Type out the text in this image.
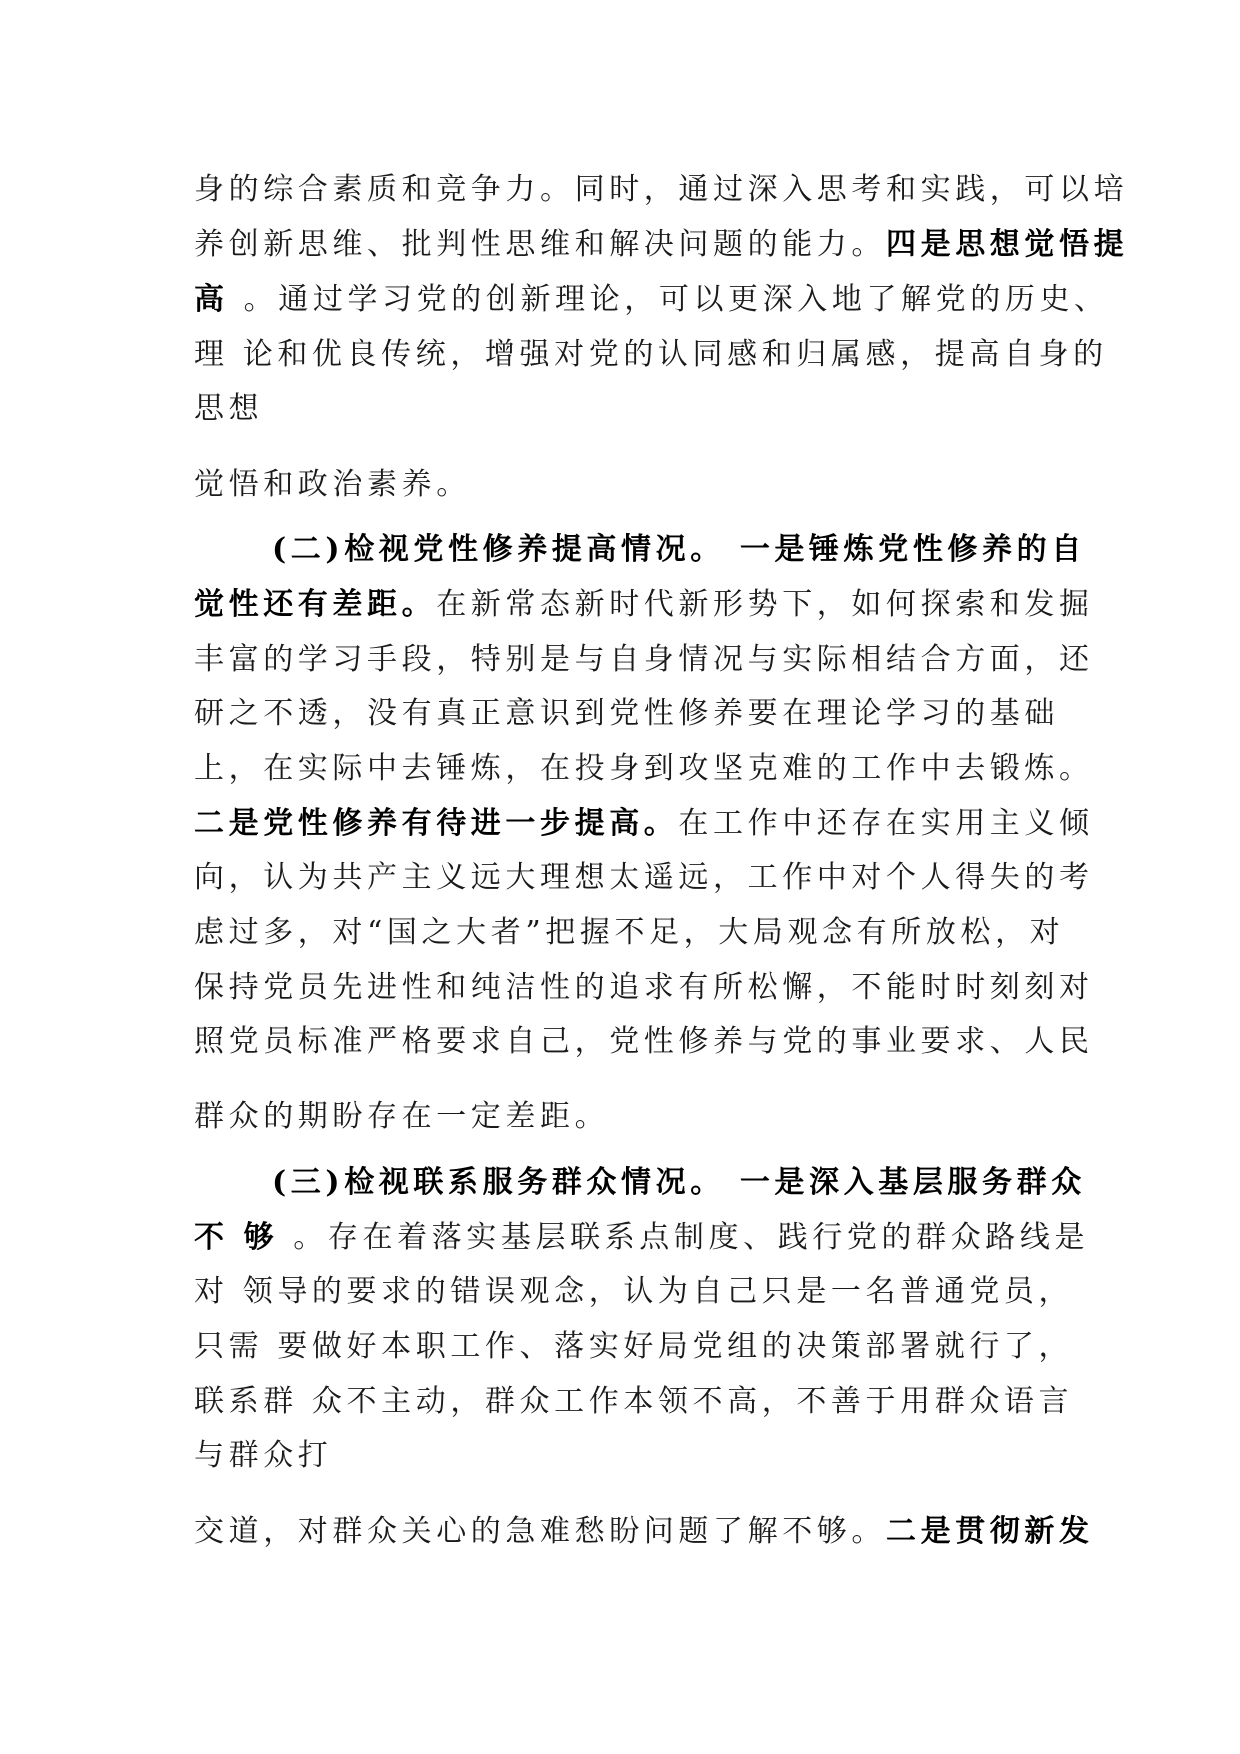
身的综合素质和竞争力。同时，通过深入思考和实践，可以培
养创新思维、批判性思维和解决问题的能力。四是思想觉悟提
高 。通过学习党的创新理论，可以更深入地了解党的历史、
理 论和优良传统，增强对党的认同感和归属感，提高自身的
思想
觉悟和政治素养。
(二)检视党性修养提高情况。 一是锤炼党性修养的自
觉性还有差距。在新常态新时代新形势下，如何探索和发掘
丰富的学习手段，特别是与自身情况与实际相结合方面，还
研之不透，没有真正意识到党性修养要在理论学习的基础
上，在实际中去锤炼，在投身到攻坚克难的工作中去锻炼。
二是党性修养有待进一步提高。在工作中还存在实用主义倾
向，认为共产主义远大理想太遥远，工作中对个人得失的考
虑过多，对“国之大者”把握不足，大局观念有所放松，对
保持党员先进性和纯洁性的追求有所松懈，不能时时刻刻对
照党员标准严格要求自己，党性修养与党的事业要求、人民
群众的期盼存在一定差距。
(三)检视联系服务群众情况。 一是深入基层服务群众
不 够 。存在着落实基层联系点制度、践行党的群众路线是
对 领导的要求的错误观念，认为自己只是一名普通党员，
只需 要做好本职工作、落实好局党组的决策部署就行了，
联系群 众不主动，群众工作本领不高，不善于用群众语言
与群众打
交道，对群众关心的急难愁盼问题了解不够。二是贯彻新发
